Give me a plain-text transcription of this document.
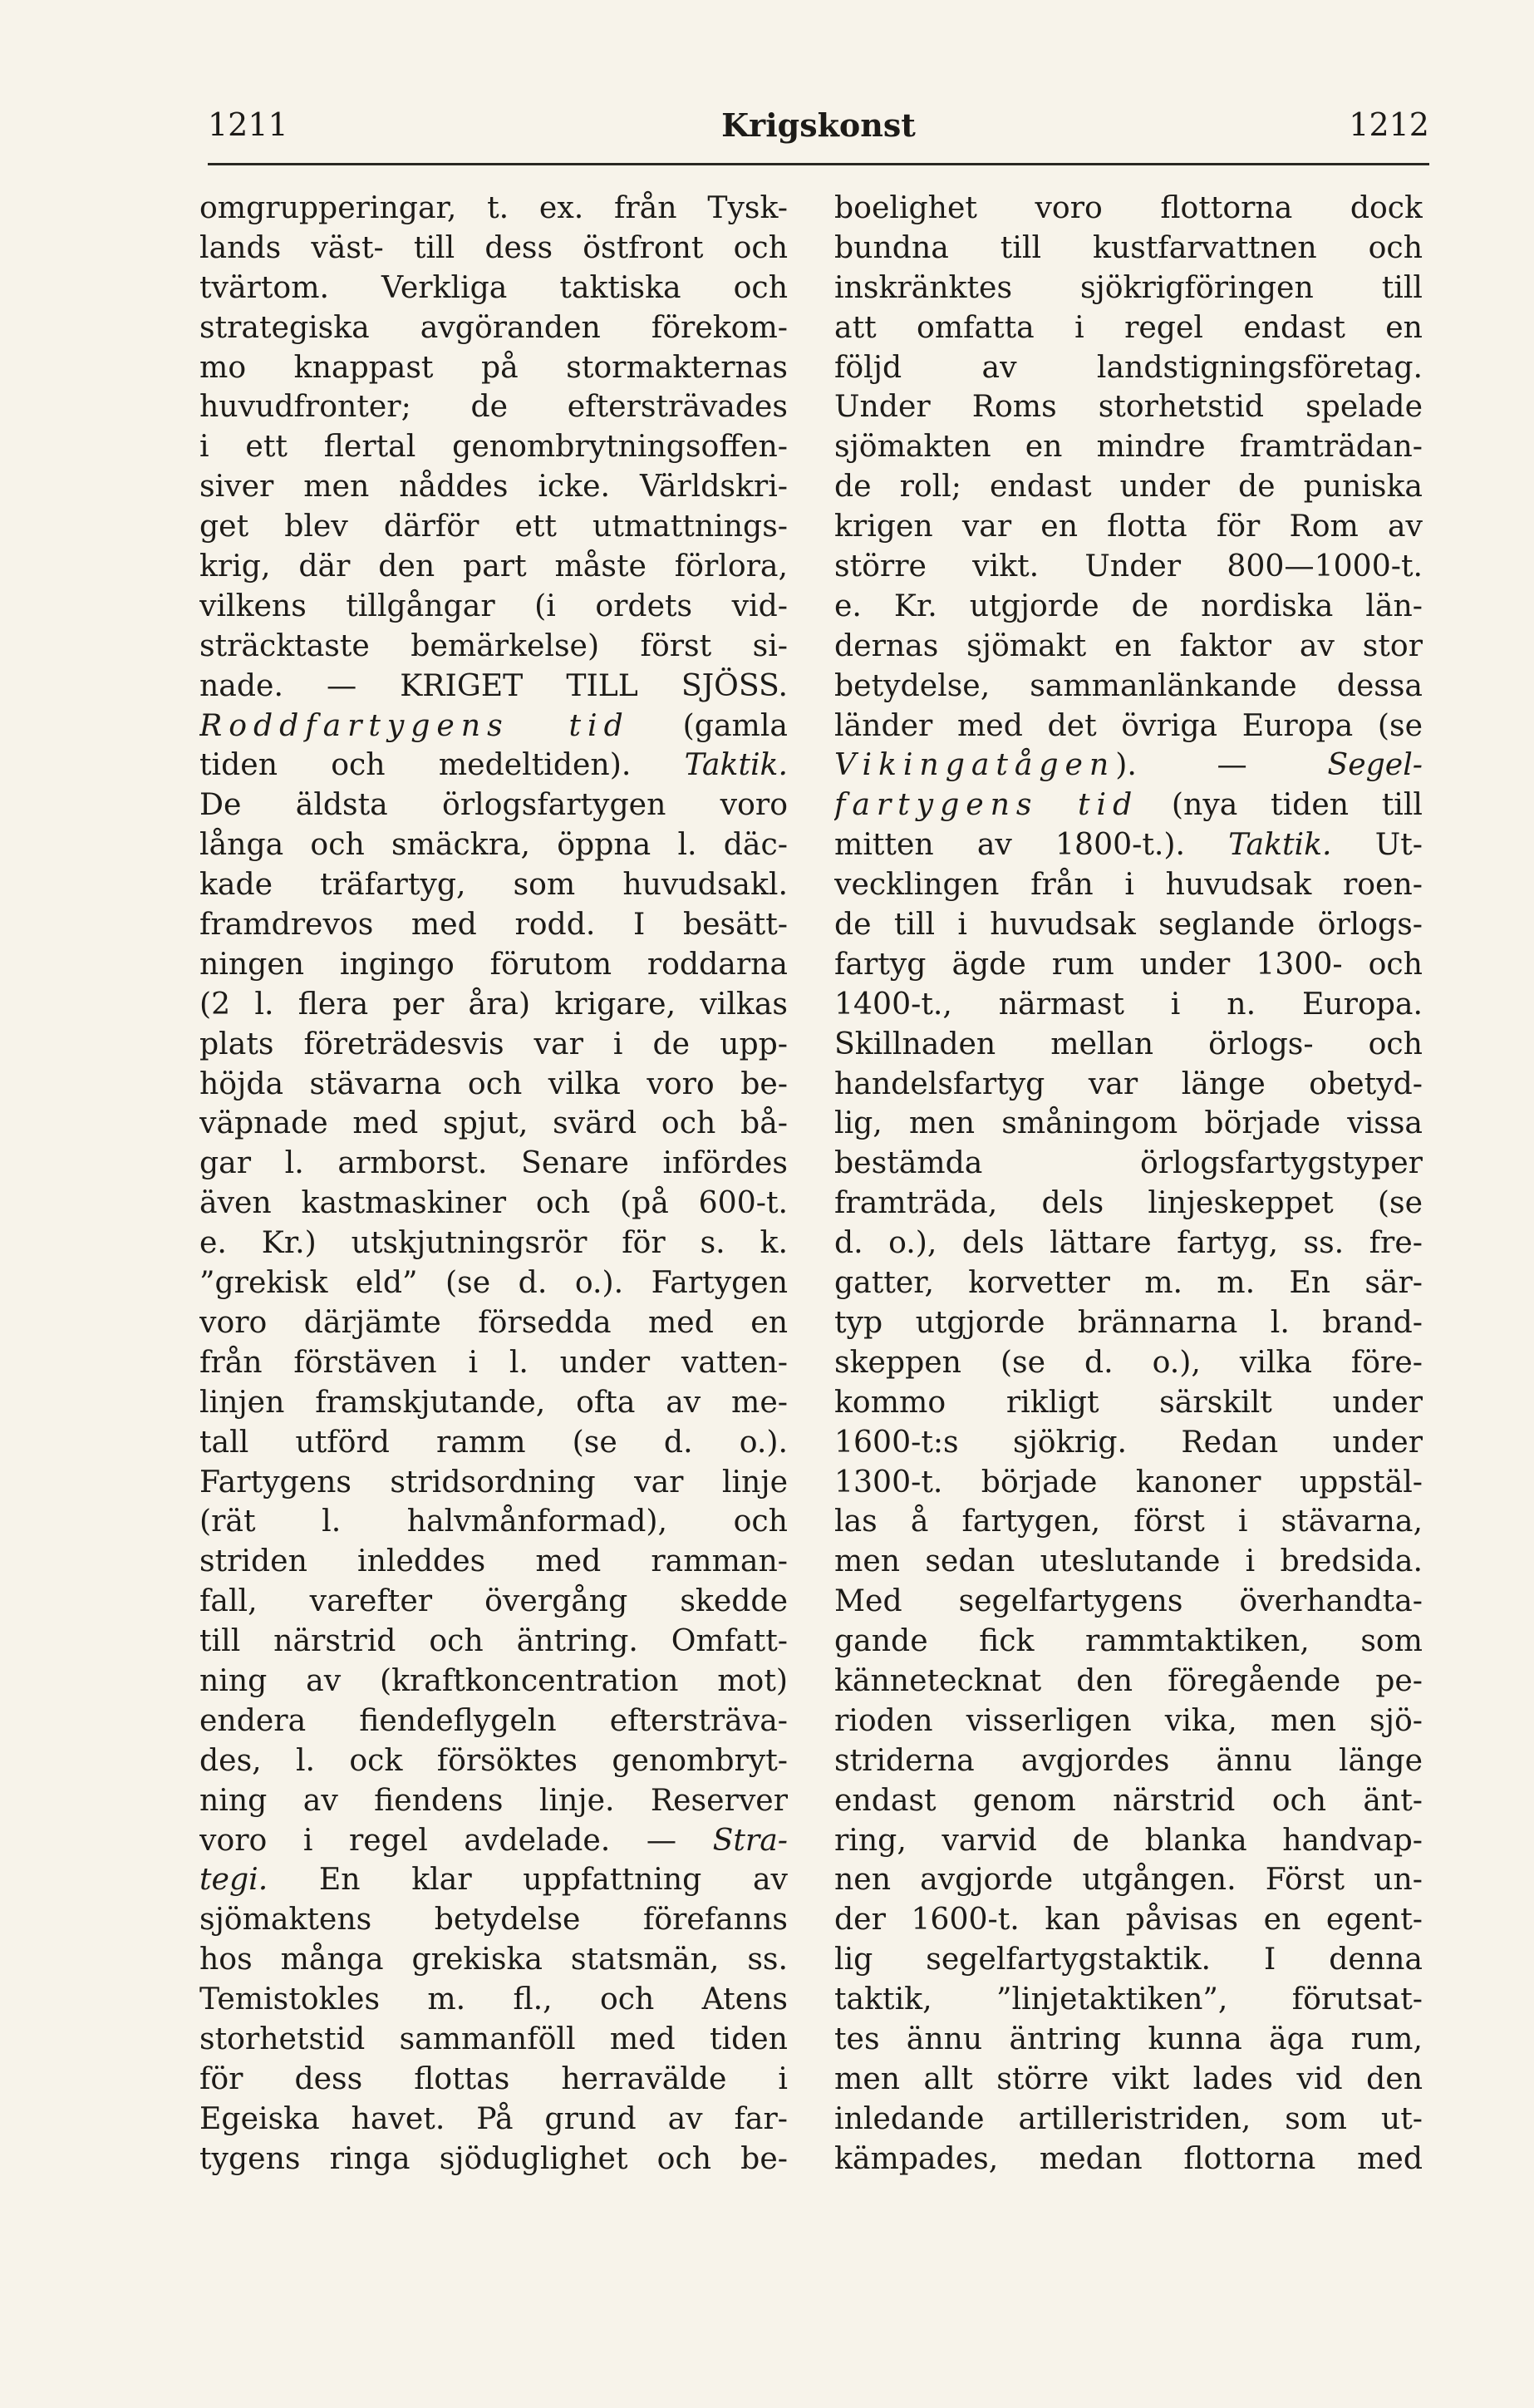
1211	Krigskonst	1212
omgrupperingar, t. ex. från Tysk-
lands väst- till dess östfront och
tvärtom. Verkliga taktiska och
strategiska avgöranden förekom-
mo knappast på stormakternas
huvudfronter; de eftersträvades
i ett flertal genombrytningsoffen-
siver men nåddes icke. Världskri-
get blev därför ett utmattnings-
krig, där den part måste förlora,
vilkens tillgångar (i ordets vid-
sträcktaste bemärkelse) först si-
nade. — KRIGET TILL SJÖSS.
Roddfartygens tid (gamla
tiden och medeltiden). Taktik.
De äldsta örlogsfartygen voro
långa och smäckra, öppna l. däc-
kade träfartyg, som huvudsakl.
framdrevos med rodd. I besätt-
ningen ingingo förutom roddarna
(2 l. flera per åra) krigare, vilkas
plats företrädesvis var i de upp-
höjda stävarna och vilka voro be-
väpnade med spjut, svärd och bå-
gar l. armborst. Senare infördes
även kastmaskiner och (på 600-t.
e. Kr.) utskjutningsrör för s. k.
”grekisk eld” (se d. o.). Fartygen
voro därjämte försedda med en
från förstäven i l. under vatten-
linjen framskjutande, ofta av me-
tall utförd ramm (se d. o.).
Fartygens stridsordning var linje
(rät l. halvmånformad), och
striden inleddes med ramman-
fall, varefter övergång skedde
till närstrid och äntring. Omfatt-
ning av (kraftkoncentration mot)
endera fiendeflygeln eftersträva-
des, l. ock försöktes genombryt-
ning av fiendens linje. Reserver
voro i regel avdelade. — Stra-
tegi. En klar uppfattning av
sjömaktens betydelse förefanns
hos många grekiska statsmän, ss.
Temistokles m. fl., och Atens
storhetstid sammanföll med tiden
för dess flottas herravälde i
Egeiska havet. På grund av far-
tygens ringa sjöduglighet och be-
boelighet voro flottorna dock
bundna till kustfarvattnen och
inskränktes sjökrigföringen till
att omfatta i regel endast en
följd av landstigningsföretag.
Under Roms storhetstid spelade
sjömakten en mindre framträdan-
de roll; endast under de puniska
krigen var en flotta för Rom av
större vikt. Under 800—1000-t.
e. Kr. utgjorde de nordiska län-
dernas sjömakt en faktor av stor
betydelse, sammanlänkande dessa
länder med det övriga Europa (se
Vikingatågen). — Segel-
fartygens tid (nya tiden till
mitten av 1800-t.). Taktik. Ut-
vecklingen från i huvudsak roen-
de till i huvudsak seglande örlogs-
fartyg ägde rum under 1300- och
1400-t., närmast i n. Europa.
Skillnaden mellan örlogs- och
handelsfartyg var länge obetyd-
lig, men småningom började vissa
bestämda örlogsfartygstyper
framträda, dels linjeskeppet (se
d. o.), dels lättare fartyg, ss. fre-
gatter, korvetter m. m. En sär-
typ utgjorde brännarna l. brand-
skeppen (se d. o.), vilka före-
kommo rikligt särskilt under
1600-t:s sjökrig. Redan under
1300-t. började kanoner uppstäl-
las å fartygen, först i stävarna,
men sedan uteslutande i bredsida.
Med segelfartygens överhandta-
gande fick rammtaktiken, som
kännetecknat den föregående pe-
rioden visserligen vika, men sjö-
striderna avgjordes ännu länge
endast genom närstrid och änt-
ring, varvid de blanka handvap-
nen avgjorde utgången. Först un-
der 1600-t. kan påvisas en egent-
lig segelfartygstaktik. I denna
taktik, ”linjetaktiken”, förutsat-
tes ännu äntring kunna äga rum,
men allt större vikt lades vid den
inledande artilleristriden, som ut-
kämpades, medan flottorna med
